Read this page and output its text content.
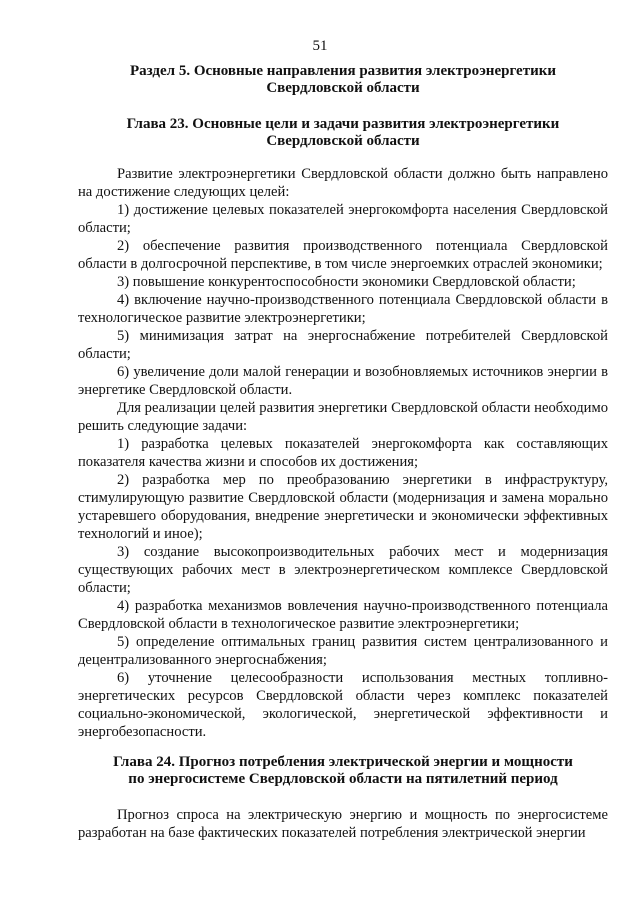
51
Раздел 5. Основные направления развития электроэнергетики
Свердловской области
Глава 23. Основные цели и задачи развития электроэнергетики
Свердловской области

Развитие электроэнергетики Свердловской области должно быть направлено на достижение следующих целей:

1) достижение целевых показателей энергокомфорта населения Свердловской области;

2) обеспечение развития производственного потенциала Свердловской области в долгосрочной перспективе, в том числе энергоемких отраслей экономики;

3) повышение конкурентоспособности экономики Свердловской области;

4) включение научно-производственного потенциала Свердловской области в технологическое развитие электроэнергетики;

5) минимизация затрат на энергоснабжение потребителей Свердловской области;

6) увеличение доли малой генерации и возобновляемых источников энергии в энергетике Свердловской области.

Для реализации целей развития энергетики Свердловской области необходимо решить следующие задачи:

1) разработка целевых показателей энергокомфорта как составляющих показателя качества жизни и способов их достижения;

2) разработка мер по преобразованию энергетики в инфраструктуру, стимулирующую развитие Свердловской области (модернизация и замена морально устаревшего оборудования, внедрение энергетически и экономически эффективных технологий и иное);

3) создание высокопроизводительных рабочих мест и модернизация существующих рабочих мест в электроэнергетическом комплексе Свердловской области;

4) разработка механизмов вовлечения научно-производственного потенциала Свердловской области в технологическое развитие электроэнергетики;

5) определение оптимальных границ развития систем централизованного и децентрализованного энергоснабжения;

6) уточнение целесообразности использования местных топливно-энергетических ресурсов Свердловской области через комплекс показателей социально-экономической, экологической, энергетической эффективности и энергобезопасности.

Глава 24. Прогноз потребления электрической энергии и мощности
по энергосистеме Свердловской области на пятилетний период

Прогноз спроса на электрическую энергию и мощность по энергосистеме разработан на базе фактических показателей потребления электрической энергии
